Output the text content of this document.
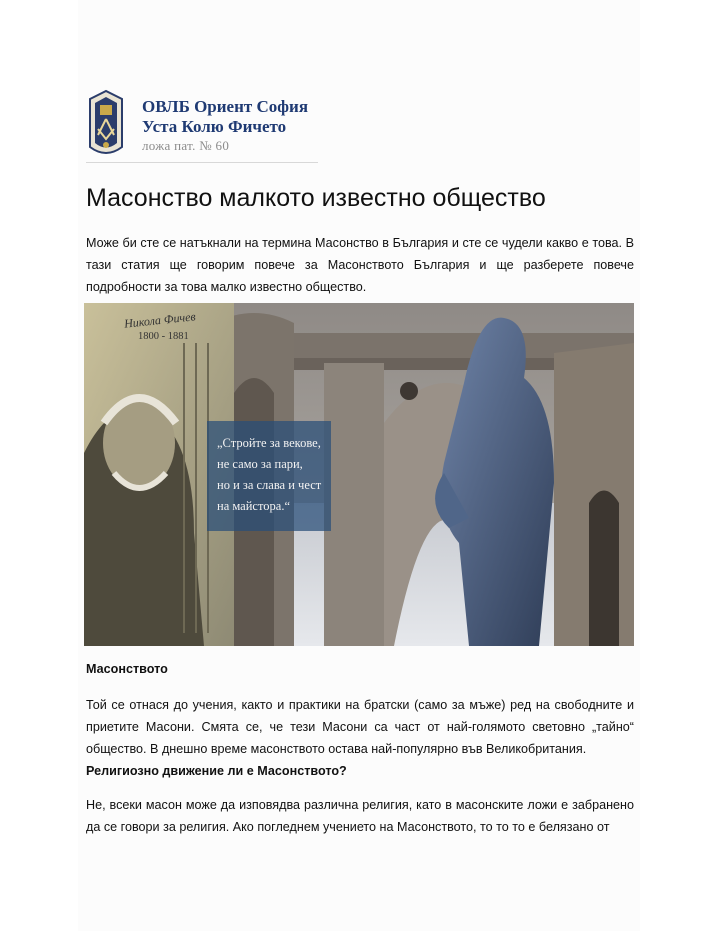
ОВЛБ Ориент София
Уста Колю Фичето
ложа пат. № 60
Масонство малкото известно общество

Може би сте се натъкнали на термина Масонство в България и сте се чудели какво е това. В тази статия ще говорим повече за Масонството България и ще разберете повече подробности за това малко известно общество.

Никола Фичев
1800 - 1881
„Стройте за векове,
не само за пари,
но и за слава и чест
на майстора.“

Масонството

Той се отнася до учения, както и практики на братски (само за мъже) ред на свободните и приетите Масони. Смята се, че тези Масони са част от най-голямото световно „тайно“ общество. В днешно време масонството остава най-популярно във Великобритания.

Религиозно движение ли е Масонството?

Не, всеки масон може да изповядва различна религия, като в масонските ложи е забранено да се говори за религия. Ако погледнем учението на Масонството, то то то е белязано от
